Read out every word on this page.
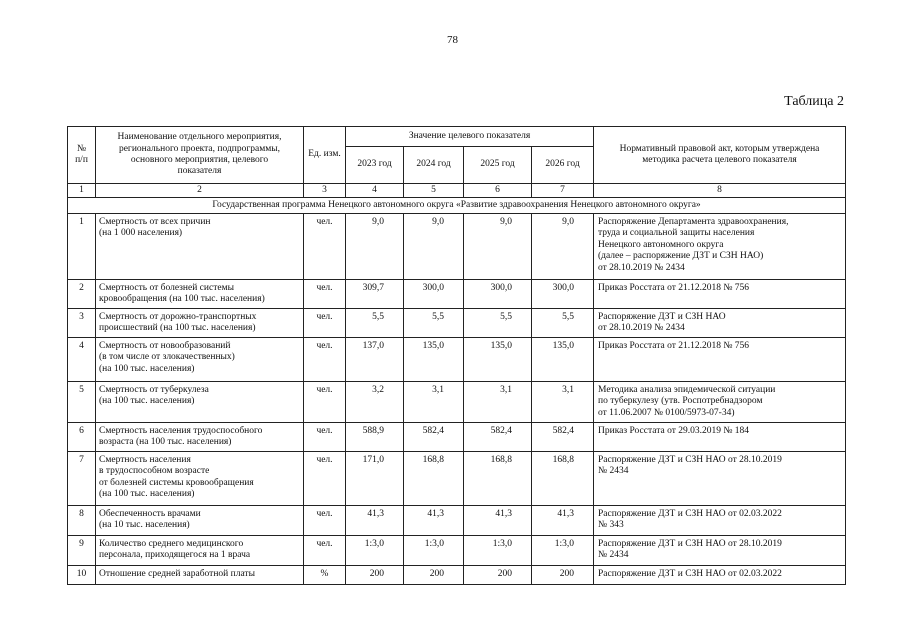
78
Таблица 2
№
п/п	Наименование отдельного мероприятия,
регионального проекта, подпрограммы,
основного мероприятия, целевого
показателя	Ед. изм.	Значение целевого показателя				Нормативный правовой акт, которым утверждена
методика расчета целевого показателя

			2023 год	2024 год	2025 год	2026 год	
1	2	3	4	5	6	7	8
Государственная программа Ненецкого автономного округа «Развитие здравоохранения Ненецкого автономного округа»							
1	Смертность от всех причин
(на 1 000 населения)	чел.	9,0	9,0	9,0	9,0	Распоряжение Департамента здравоохранения,
труда и социальной защиты населения
Ненецкого автономного округа
(далее – распоряжение ДЗТ и СЗН НАО)
от 28.10.2019 № 2434

2	Смертность от болезней системы
кровообращения (на 100 тыс. населения)	чел.	309,7	300,0	300,0	300,0	Приказ Росстата от 21.12.2018 № 756

3	Смертность от дорожно-транспортных
происшествий (на 100 тыс. населения)	чел.	5,5	5,5	5,5	5,5	Распоряжение ДЗТ и СЗН НАО
от 28.10.2019 № 2434

4	Смертность от новообразований
(в том числе от злокачественных)
(на 100 тыс. населения)	чел.	137,0	135,0	135,0	135,0	Приказ Росстата от 21.12.2018 № 756

5	Смертность от туберкулеза
(на 100 тыс. населения)	чел.	3,2	3,1	3,1	3,1	Методика анализа эпидемической ситуации
по туберкулезу (утв. Роспотребнадзором
от 11.06.2007 № 0100/5973-07-34)

6	Смертность населения трудоспособного
возраста (на 100 тыс. населения)	чел.	588,9	582,4	582,4	582,4	Приказ Росстата от 29.03.2019 № 184

7	Смертность населения
в трудоспособном возрасте
от болезней системы кровообращения
(на 100 тыс. населения)	чел.	171,0	168,8	168,8	168,8	Распоряжение ДЗТ и СЗН НАО от 28.10.2019
№ 2434

8	Обеспеченность врачами
(на 10 тыс. населения)	чел.	41,3	41,3	41,3	41,3	Распоряжение ДЗТ и СЗН НАО от 02.03.2022
№ 343

9	Количество среднего медицинского
персонала, приходящегося на 1 врача	чел.	1:3,0	1:3,0	1:3,0	1:3,0	Распоряжение ДЗТ и СЗН НАО от 28.10.2019
№ 2434

10	Отношение средней заработной платы	%	200	200	200	200	Распоряжение ДЗТ и СЗН НАО от 02.03.2022
